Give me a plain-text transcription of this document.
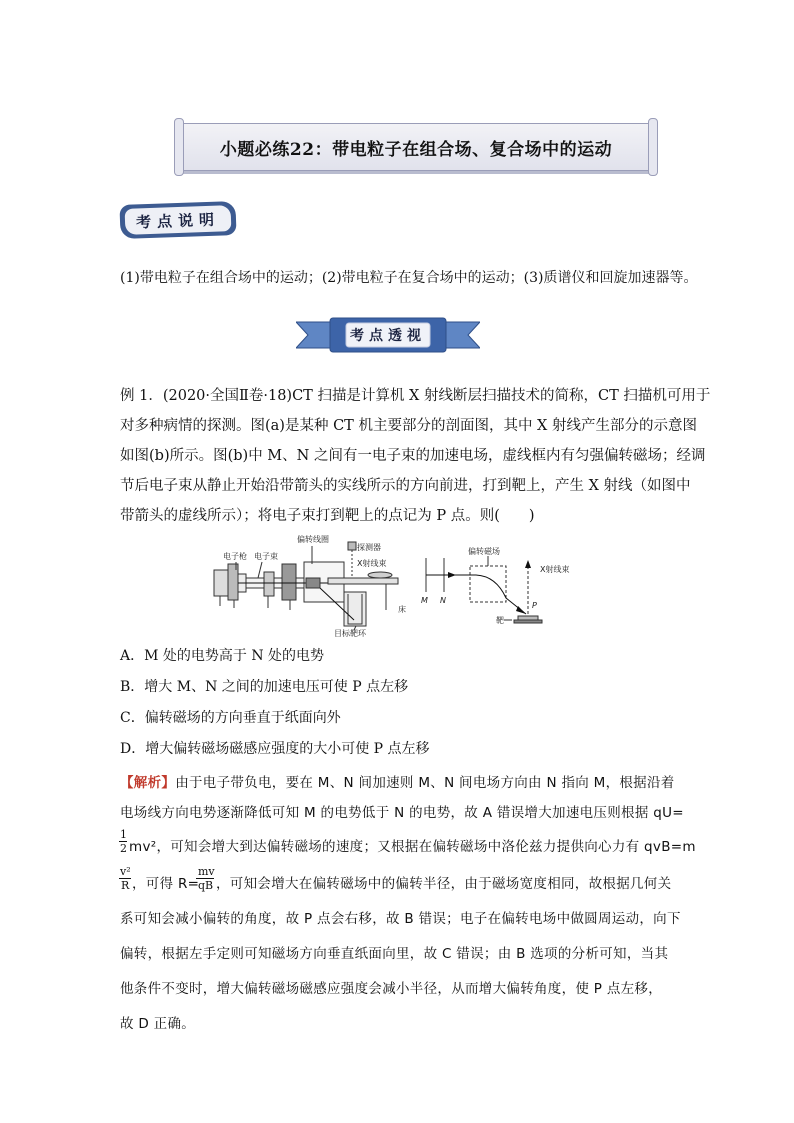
小题必练22：带电粒子在组合场、复合场中的运动
考点说明
(1)带电粒子在组合场中的运动；(2)带电粒子在复合场中的运动；(3)质谱仪和回旋加速器等。
考点透视
例 1．(2020·全国Ⅱ卷·18)CT 扫描是计算机 X 射线断层扫描技术的简称，CT 扫描机可用于
对多种病情的探测。图(a)是某种 CT 机主要部分的剖面图，其中 X 射线产生部分的示意图
如图(b)所示。图(b)中 M、N 之间有一电子束的加速电场，虚线框内有匀强偏转磁场；经调
节后电子束从静止开始沿带箭头的实线所示的方向前进，打到靶上，产生 X 射线（如图中
带箭头的虚线所示）；将电子束打到靶上的点记为 P 点。则(　　)
电子枪 电子束
偏转线圈
探测器
X射线束
床
目标靶环
偏转磁场
X射线束
M N
靶
P
A．M 处的电势高于 N 处的电势
B．增大 M、N 之间的加速电压可使 P 点左移
C．偏转磁场的方向垂直于纸面向外
D．增大偏转磁场磁感应强度的大小可使 P 点左移
【解析】由于电子带负电，要在 M、N 间加速则 M、N 间电场方向由 N 指向 M，根据沿着
电场线方向电势逐渐降低可知 M 的电势低于 N 的电势，故 A 错误增大加速电压则根据 qU=
1
2 mv²，可知会增大到达偏转磁场的速度；又根据在偏转磁场中洛伦兹力提供向心力有 qvB=m
v²
R ，可得 R=
mv
qB ，可知会增大在偏转磁场中的偏转半径，由于磁场宽度相同，故根据几何关
系可知会减小偏转的角度，故 P 点会右移，故 B 错误；电子在偏转电场中做圆周运动，向下
偏转，根据左手定则可知磁场方向垂直纸面向里，故 C 错误；由 B 选项的分析可知，当其
他条件不变时，增大偏转磁场磁感应强度会减小半径，从而增大偏转角度，使 P 点左移，
故 D 正确。
